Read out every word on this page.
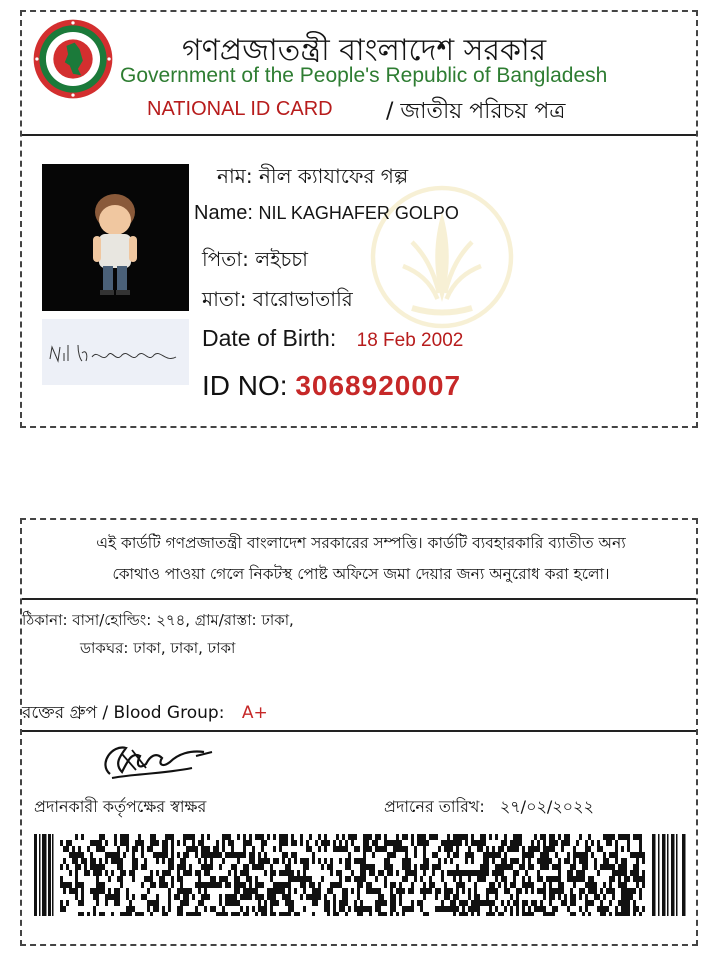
গণপ্রজাতন্ত্রী বাংলাদেশ সরকার
Government of the People's Republic of Bangladesh
NATIONAL ID CARD / জাতীয় পরিচয় পত্র
নাম: নীল ক্যাযাফের গল্প
Name: NIL KAGHAFER GOLPO
পিতা: লইচচা
মাতা: বারোভাতারি
Date of Birth: 18 Feb 2002
ID NO: 3068920007
এই কার্ডটি গণপ্রজাতন্ত্রী বাংলাদেশ সরকারের সম্পত্তি। কার্ডটি ব্যবহারকারি ব্যাতীত অন্য
কোথাও পাওয়া গেলে নিকটস্থ পোষ্ট অফিসে জমা দেয়ার জন্য অনুরোধ করা হলো।
ঠিকানা: বাসা/হোল্ডিং: ২৭৪, গ্রাম/রাস্তা: ঢাকা,
ডাকঘর: ঢাকা, ঢাকা, ঢাকা
রক্তের গ্রুপ / Blood Group: A+
প্রদানকারী কর্তৃপক্ষের স্বাক্ষর	প্রদানের তারিখ: ২৭/০২/২০২২
